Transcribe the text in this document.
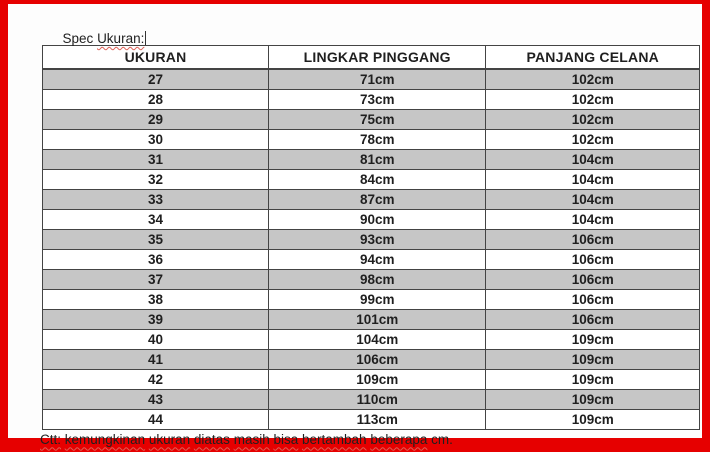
Spec Ukuran:

UKURAN	LINGKAR PINGGANG	PANJANG CELANA
27	71cm	102cm
28	73cm	102cm
29	75cm	102cm
30	78cm	102cm
31	81cm	104cm
32	84cm	104cm
33	87cm	104cm
34	90cm	104cm
35	93cm	106cm
36	94cm	106cm
37	98cm	106cm
38	99cm	106cm
39	101cm	106cm
40	104cm	109cm
41	106cm	109cm
42	109cm	109cm
43	110cm	109cm
44	113cm	109cm
Ctt: kemungkinan ukuran diatas masih bisa bertambah beberapa cm.
